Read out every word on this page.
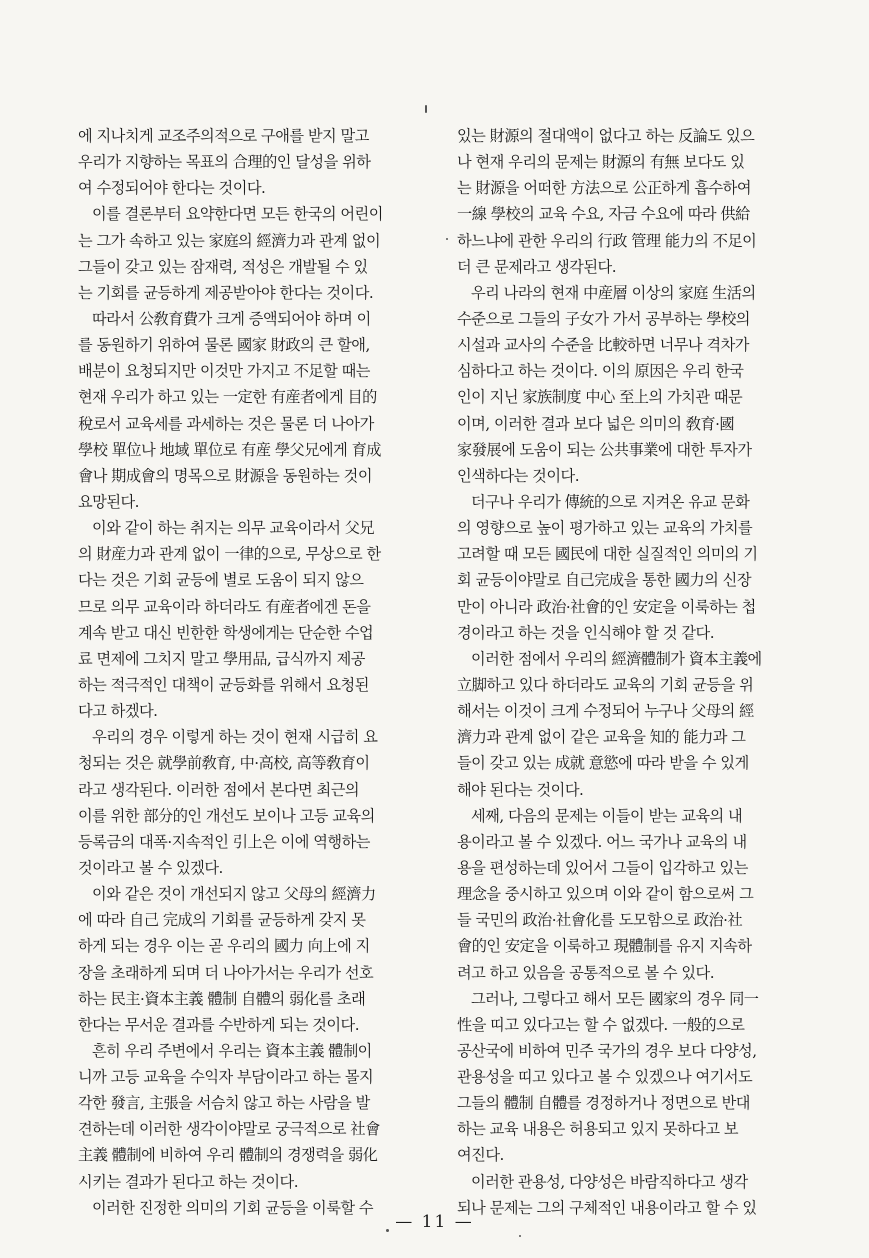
에 지나치게 교조주의적으로 구애를 받지 말고
우리가 지향하는 목표의 合理的인 달성을 위하
여 수정되어야 한다는 것이다.
이를 결론부터 요약한다면 모든 한국의 어린이
는 그가 속하고 있는 家庭의 經濟力과 관계 없이
그들이 갖고 있는 잠재력, 적성은 개발될 수 있
는 기회를 균등하게 제공받아야 한다는 것이다.
따라서 公敎育費가 크게 증액되어야 하며 이
를 동원하기 위하여 물론 國家 財政의 큰 할애,
배분이 요청되지만 이것만 가지고 不足할 때는
현재 우리가 하고 있는 一定한 有産者에게 目的
稅로서 교육세를 과세하는 것은 물론 더 나아가
學校 單位나 地域 單位로 有産 學父兄에게 育成
會나 期成會의 명목으로 財源을 동원하는 것이
요망된다.
이와 같이 하는 취지는 의무 교육이라서 父兄
의 財産力과 관계 없이 一律的으로, 무상으로 한
다는 것은 기회 균등에 별로 도움이 되지 않으
므로 의무 교육이라 하더라도 有産者에겐 돈을
계속 받고 대신 빈한한 학생에게는 단순한 수업
료 면제에 그치지 말고 學用品, 급식까지 제공
하는 적극적인 대책이 균등화를 위해서 요청된
다고 하겠다.
우리의 경우 이렇게 하는 것이 현재 시급히 요
청되는 것은 就學前敎育, 中·高校, 高等敎育이
라고 생각된다. 이러한 점에서 본다면 최근의
이를 위한 部分的인 개선도 보이나 고등 교육의
등록금의 대폭·지속적인 引上은 이에 역행하는
것이라고 볼 수 있겠다.
이와 같은 것이 개선되지 않고 父母의 經濟力
에 따라 自己 完成의 기회를 균등하게 갖지 못
하게 되는 경우 이는 곧 우리의 國力 向上에 지
장을 초래하게 되며 더 나아가서는 우리가 선호
하는 民主·資本主義 體制 自體의 弱化를 초래
한다는 무서운 결과를 수반하게 되는 것이다.
흔히 우리 주변에서 우리는 資本主義 體制이
니까 고등 교육을 수익자 부담이라고 하는 몰지
각한 發言, 主張을 서슴치 않고 하는 사람을 발
견하는데 이러한 생각이야말로 궁극적으로 社會
主義 體制에 비하여 우리 體制의 경쟁력을 弱化
시키는 결과가 된다고 하는 것이다.
이러한 진정한 의미의 기회 균등을 이룩할 수
있는 財源의 절대액이 없다고 하는 反論도 있으
나 현재 우리의 문제는 財源의 有無 보다도 있
는 財源을 어떠한 方法으로 公正하게 흡수하여
一線 學校의 교육 수요, 자금 수요에 따라 供給
하느냐에 관한 우리의 行政 管理 能力의 不足이
더 큰 문제라고 생각된다.
우리 나라의 현재 中産層 이상의 家庭 生活의
수준으로 그들의 子女가 가서 공부하는 學校의
시설과 교사의 수준을 比較하면 너무나 격차가
심하다고 하는 것이다. 이의 原因은 우리 한국
인이 지닌 家族制度 中心 至上의 가치관 때문
이며, 이러한 결과 보다 넓은 의미의 敎育·國
家發展에 도움이 되는 公共事業에 대한 투자가
인색하다는 것이다.
더구나 우리가 傳統的으로 지켜온 유교 문화
의 영향으로 높이 평가하고 있는 교육의 가치를
고려할 때 모든 國民에 대한 실질적인 의미의 기
회 균등이야말로 自己完成을 통한 國力의 신장
만이 아니라 政治·社會的인 安定을 이룩하는 첩
경이라고 하는 것을 인식해야 할 것 같다.
이러한 점에서 우리의 經濟體制가 資本主義에
立脚하고 있다 하더라도 교육의 기회 균등을 위
해서는 이것이 크게 수정되어 누구나 父母의 經
濟力과 관계 없이 같은 교육을 知的 能力과 그
들이 갖고 있는 成就 意慾에 따라 받을 수 있게
해야 된다는 것이다.
세째, 다음의 문제는 이들이 받는 교육의 내
용이라고 볼 수 있겠다. 어느 국가나 교육의 내
용을 편성하는데 있어서 그들이 입각하고 있는
理念을 중시하고 있으며 이와 같이 함으로써 그
들 국민의 政治·社會化를 도모함으로 政治·社
會的인 安定을 이룩하고 現體制를 유지 지속하
려고 하고 있음을 공통적으로 볼 수 있다.
그러나, 그렇다고 해서 모든 國家의 경우 同一
性을 띠고 있다고는 할 수 없겠다. 一般的으로
공산국에 비하여 민주 국가의 경우 보다 다양성,
관용성을 띠고 있다고 볼 수 있겠으나 여기서도
그들의 體制 自體를 경정하거나 정면으로 반대
하는 교육 내용은 허용되고 있지 못하다고 보
여진다.
이러한 관용성, 다양성은 바람직하다고 생각
되나 문제는 그의 구체적인 내용이라고 할 수 있
— 11 —
